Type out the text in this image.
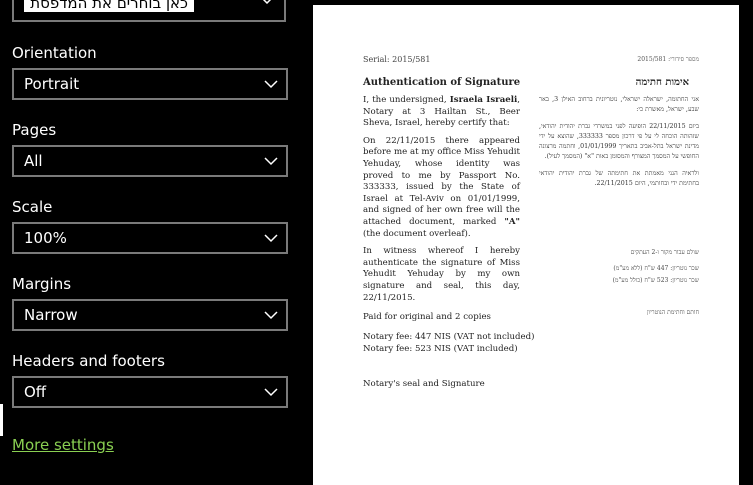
כאן בוחרים את המדפסת
Orientation
Portrait
Pages
All
Scale
100%
Margins
Narrow
Headers and footers
Off
More settings
Serial: 2015/581	מספר סידורי: 2015/581
Authentication of Signature	אימות חתימה

I, the undersigned, Israela Israeli, Notary at 3 Hailtan St., Beer Sheva, Israel, hereby certify that:

On 22/11/2015 there appeared before me at my office Miss Yehudit Yehuday, whose identity was proved to me by Passport No. 333333, issued by the State of Israel at Tel-Aviv on 01/01/1999, and signed of her own free will the attached document, marked "A" (the document overleaf).

In witness whereof I hereby authenticate the signature of Miss Yehudit Yehuday by my own signature and seal, this day, 22/11/2015.

אני החתומה, ישראלה ישראלי, נוטריונית ברחוב האילן 3, באר שבע, ישראל, מאשרת כי:

ביום 22/11/2015 הופיעה לפני במשרדי גברת יהודית יהודאי, שזהותה הוכחה לי על פי דרכון מספר 333333, שהוצא על ידי מדינת ישראל בתל-אביב בתאריך 01/01/1999, וחתמה מרצונה החופשי על המסמך המצורף והמסומן באות "א" (המסמך לעיל).

ולראיה הנני מאמתת את חתימתה של גברת יהודית יהודאי בחתימת ידי ובחותמי, היום 22/11/2015.

שולם עבור מקור ו-2 העתקים
שכר נוטריון: 447 ש"ח (ללא מע"מ)
שכר נוטריון: 523 ש"ח (כולל מע"מ)
חותם וחתימת הנוטריון
Paid for original and 2 copies
Notary fee: 447 NIS (VAT not included)
Notary fee: 523 NIS (VAT included)
Notary's seal and Signature
